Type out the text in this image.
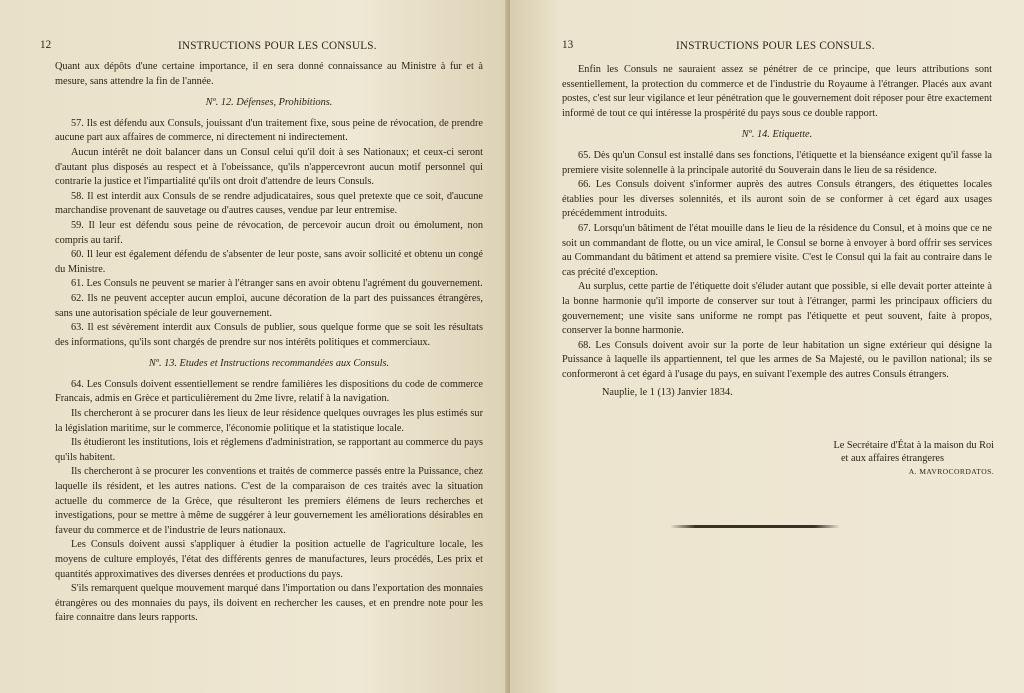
12	INSTRUCTIONS POUR LES CONSULS.

Quant aux dépôts d'une certaine importance, il en sera donné connaissance au Ministre à fur et à mesure, sans attendre la fin de l'année.

Nº. 12. Défenses, Prohibitions.

57. Ils est défendu aux Consuls, jouissant d'un traitement fixe, sous peine de révocation, de prendre aucune part aux affaires de commerce, ni directement ni indirectement.

Aucun intérêt ne doit balancer dans un Consul celui qu'il doit à ses Nationaux; et ceux-ci seront d'autant plus disposés au respect et à l'obeissance, qu'ils n'appercevront aucun motif personnel qui contrarie la justice et l'impartialité qu'ils ont droit d'attendre de leurs Consuls.

58. Il est interdit aux Consuls de se rendre adjudicataires, sous quel pretexte que ce soit, d'aucune marchandise provenant de sauvetage ou d'autres causes, vendue par leur entremise.

59. Il leur est défendu sous peine de révocation, de percevoir aucun droit ou émolument, non compris au tarif.

60. Il leur est également défendu de s'absenter de leur poste, sans avoir sollicité et obtenu un congé du Ministre.

61. Les Consuls ne peuvent se marier à l'étranger sans en avoir obtenu l'agrément du gouvernement.

62. Ils ne peuvent accepter aucun emploi, aucune décoration de la part des puissances étrangères, sans une autorisation spéciale de leur gouvernement.

63. Il est sévèrement interdit aux Consuls de publier, sous quelque forme que se soit les résultats des informations, qu'ils sont chargés de prendre sur nos intérêts politiques et commerciaux.

Nº. 13. Etudes et Instructions recommandées aux Consuls.

64. Les Consuls doivent essentiellement se rendre familières les dispositions du code de commerce Francais, admis en Grèce et particulièrement du 2me livre, relatif à la navigation.

Ils chercheront à se procurer dans les lieux de leur résidence quelques ouvrages les plus estimés sur la législation maritime, sur le commerce, l'économie politique et la statistique locale.

Ils étudieront les institutions, lois et réglemens d'administration, se rapportant au commerce du pays qu'ils habitent.

Ils chercheront à se procurer les conventions et traités de commerce passés entre la Puissance, chez laquelle ils résident, et les autres nations. C'est de la comparaison de ces traités avec la situation actuelle du commerce de la Grèce, que résulteront les premiers élémens de leurs recherches et investigations, pour se mettre à même de suggérer à leur gouvernement les améliorations désirables en faveur du commerce et de l'industrie de leurs nationaux.

Les Consuls doivent aussi s'appliquer à étudier la position actuelle de l'agriculture locale, les moyens de culture employés, l'état des différents genres de manufactures, leurs procédés, Les prix et quantités approximatives des diverses denrées et productions du pays.

S'ils remarquent quelque mouvement marqué dans l'importation ou dans l'exportation des monnaies étrangères ou des monnaies du pays, ils doivent en rechercher les causes, et en prendre note pour les faire connaitre dans leurs rapports.

13	INSTRUCTIONS POUR LES CONSULS.

Enfin les Consuls ne sauraient assez se pénétrer de ce principe, que leurs attributions sont essentiellement, la protection du commerce et de l'industrie du Royaume à l'étranger. Placés aux avant postes, c'est sur leur vigilance et leur pénétration que le gouvernement doit réposer pour être exactement informé de tout ce qui intéresse la prospérité du pays sous ce double rapport.

Nº. 14. Etiquette.

65. Dès qu'un Consul est installé dans ses fonctions, l'étiquette et la bienséance exigent qu'il fasse la premiere visite solennelle à la principale autorité du Souverain dans le lieu de sa résidence.

66. Les Consuls doivent s'informer auprès des autres Consuls étrangers, des étiquettes locales établies pour les diverses solennités, et ils auront soin de se conformer à cet égard aux usages précédemment introduits.

67. Lorsqu'un bâtiment de l'état mouille dans le lieu de la résidence du Consul, et à moins que ce ne soit un commandant de flotte, ou un vice amiral, le Consul se borne à envoyer à bord offrir ses services au Commandant du bâtiment et attend sa premiere visite. C'est le Consul qui la fait au contraire dans le cas précité d'exception.

Au surplus, cette partie de l'étiquette doit s'éluder autant que possible, si elle devait porter atteinte à la bonne harmonie qu'il importe de conserver sur tout à l'étranger, parmi les principaux officiers du gouvernement; une visite sans uniforme ne rompt pas l'étiquette et peut souvent, faite à propos, conserver la bonne harmonie.

68. Les Consuls doivent avoir sur la porte de leur habitation un signe extérieur qui désigne la Puissance à laquelle ils appartiennent, tel que les armes de Sa Majesté, ou le pavillon national; ils se conformeront à cet égard à l'usage du pays, en suivant l'exemple des autres Consuls étrangers.

Nauplie, le 1 (13) Janvier 1834.

Le Secrétaire d'État à la maison du Roi
et aux affaires étrangeres
A. MAVROCORDATOS.
